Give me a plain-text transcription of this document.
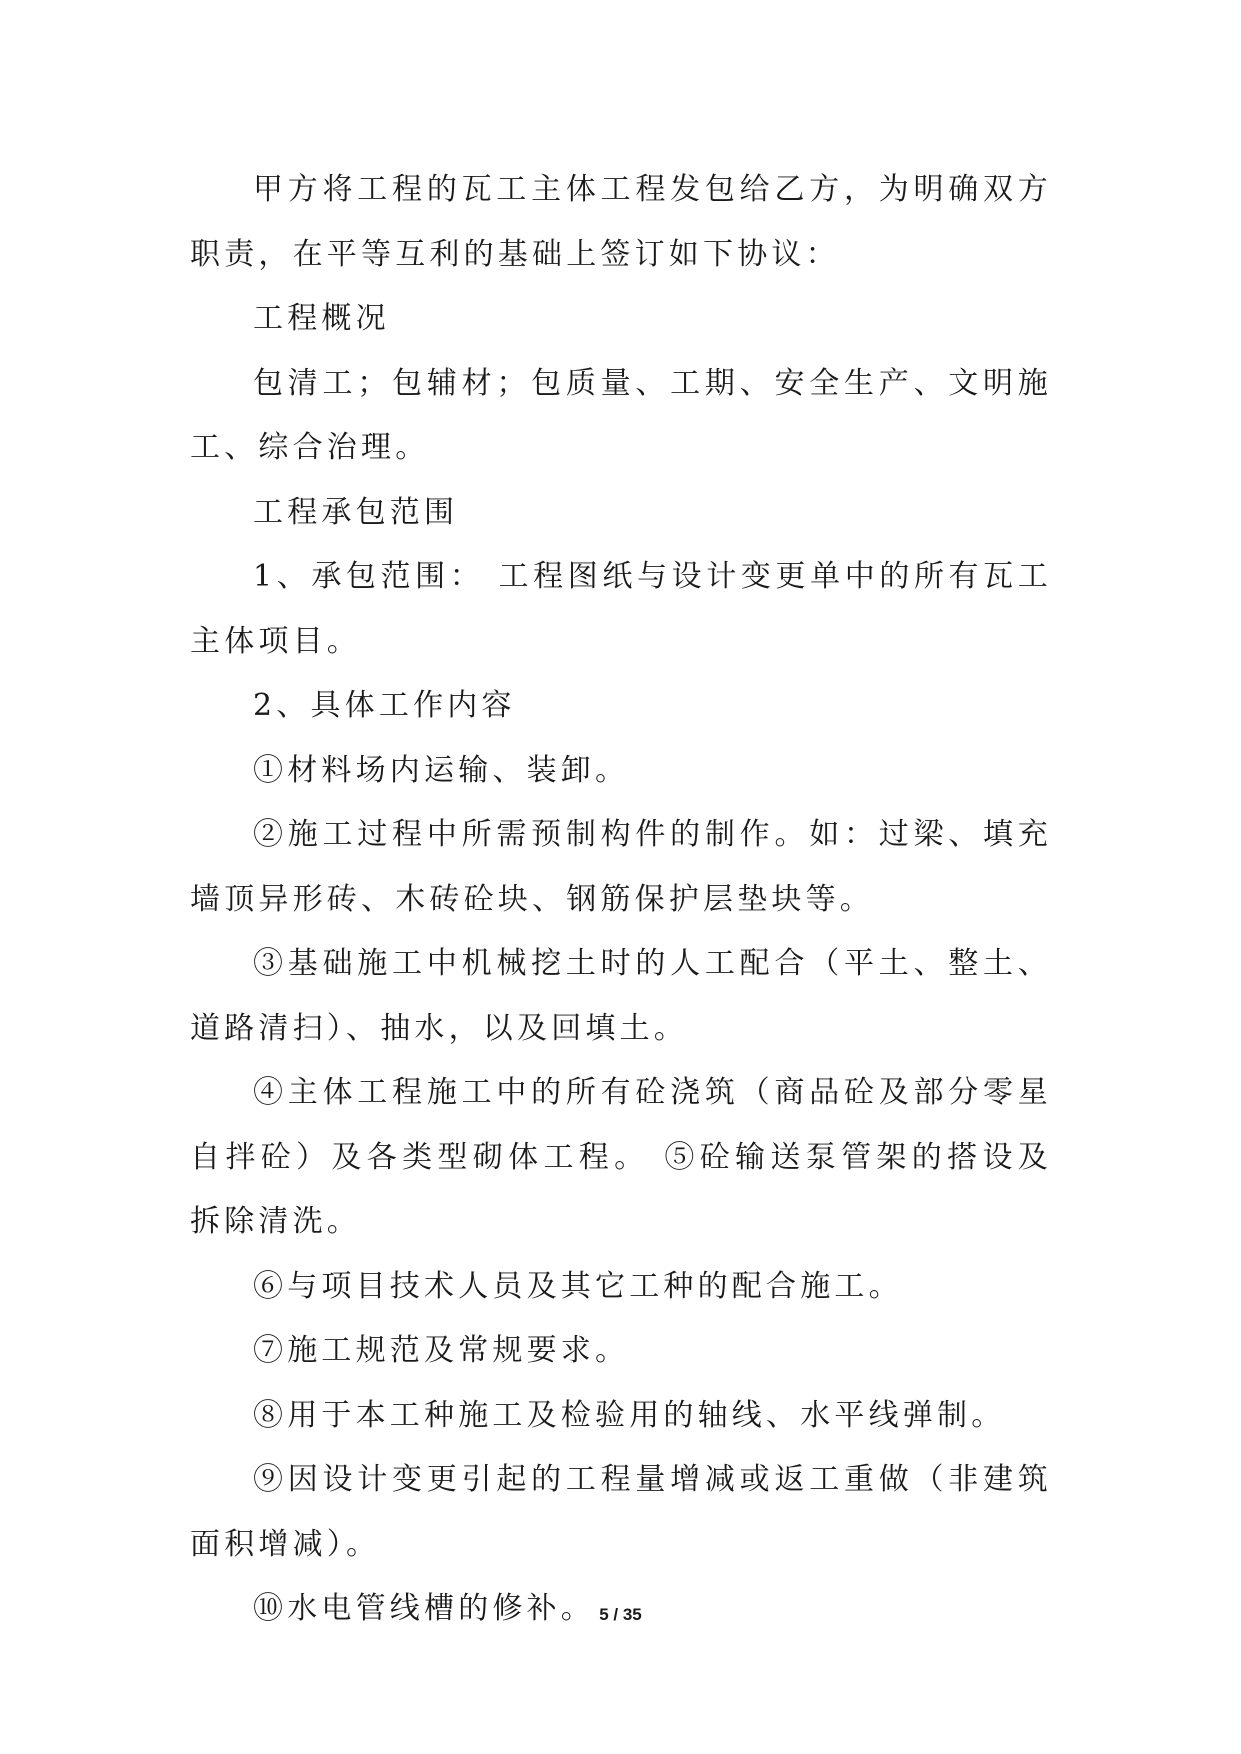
甲方将工程的瓦工主体工程发包给乙方，为明确双方职责，在平等互利的基础上签订如下协议：

工程概况

包清工；包辅材；包质量、工期、安全生产、文明施工、综合治理。

工程承包范围

1、承包范围： 工程图纸与设计变更单中的所有瓦工主体项目。

2、具体工作内容

①材料场内运输、装卸。

②施工过程中所需预制构件的制作。如：过梁、填充墙顶异形砖、木砖砼块、钢筋保护层垫块等。

③基础施工中机械挖土时的人工配合（平土、整土、道路清扫）、抽水，以及回填土。

④主体工程施工中的所有砼浇筑（商品砼及部分零星自拌砼）及各类型砌体工程。 ⑤砼输送泵管架的搭设及拆除清洗。

⑥与项目技术人员及其它工种的配合施工。

⑦施工规范及常规要求。

⑧用于本工种施工及检验用的轴线、水平线弹制。

⑨因设计变更引起的工程量增减或返工重做（非建筑面积增减）。

⑩水电管线槽的修补。 5 / 35
